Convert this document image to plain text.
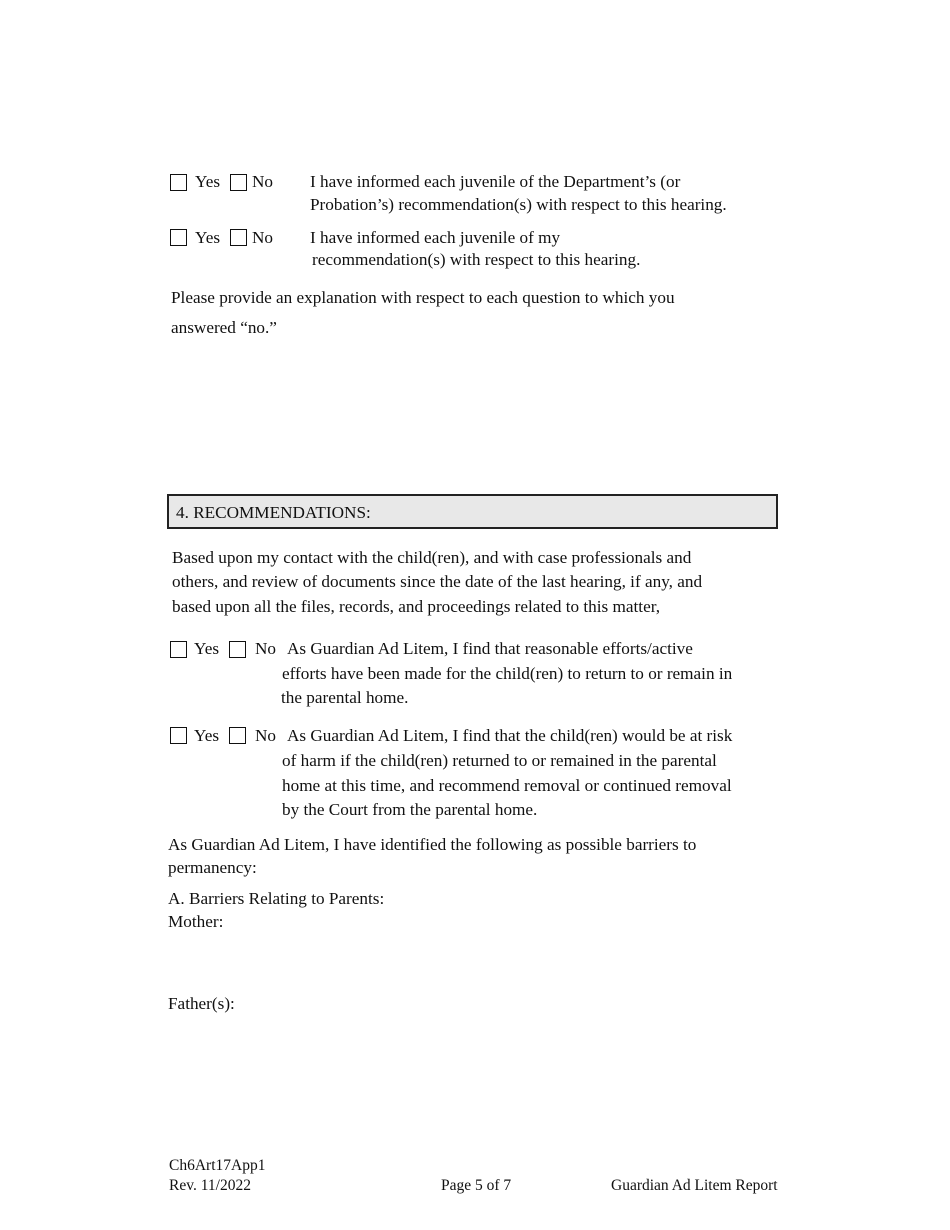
Yes No I have informed each juvenile of the Department’s (or
Probation’s) recommendation(s) with respect to this hearing.
Yes No I have informed each juvenile of my
recommendation(s) with respect to this hearing.
Please provide an explanation with respect to each question to which you
answered “no.”
4. RECOMMENDATIONS:
Based upon my contact with the child(ren), and with case professionals and
others, and review of documents since the date of the last hearing, if any, and
based upon all the files, records, and proceedings related to this matter,
Yes No As Guardian Ad Litem, I find that reasonable efforts/active
efforts have been made for the child(ren) to return to or remain in
the parental home.
Yes No As Guardian Ad Litem, I find that the child(ren) would be at risk
of harm if the child(ren) returned to or remained in the parental
home at this time, and recommend removal or continued removal
by the Court from the parental home.
As Guardian Ad Litem, I have identified the following as possible barriers to
permanency:
A. Barriers Relating to Parents:
Mother:
Father(s):
Ch6Art17App1
Rev. 11/2022	Page 5 of 7	Guardian Ad Litem Report
